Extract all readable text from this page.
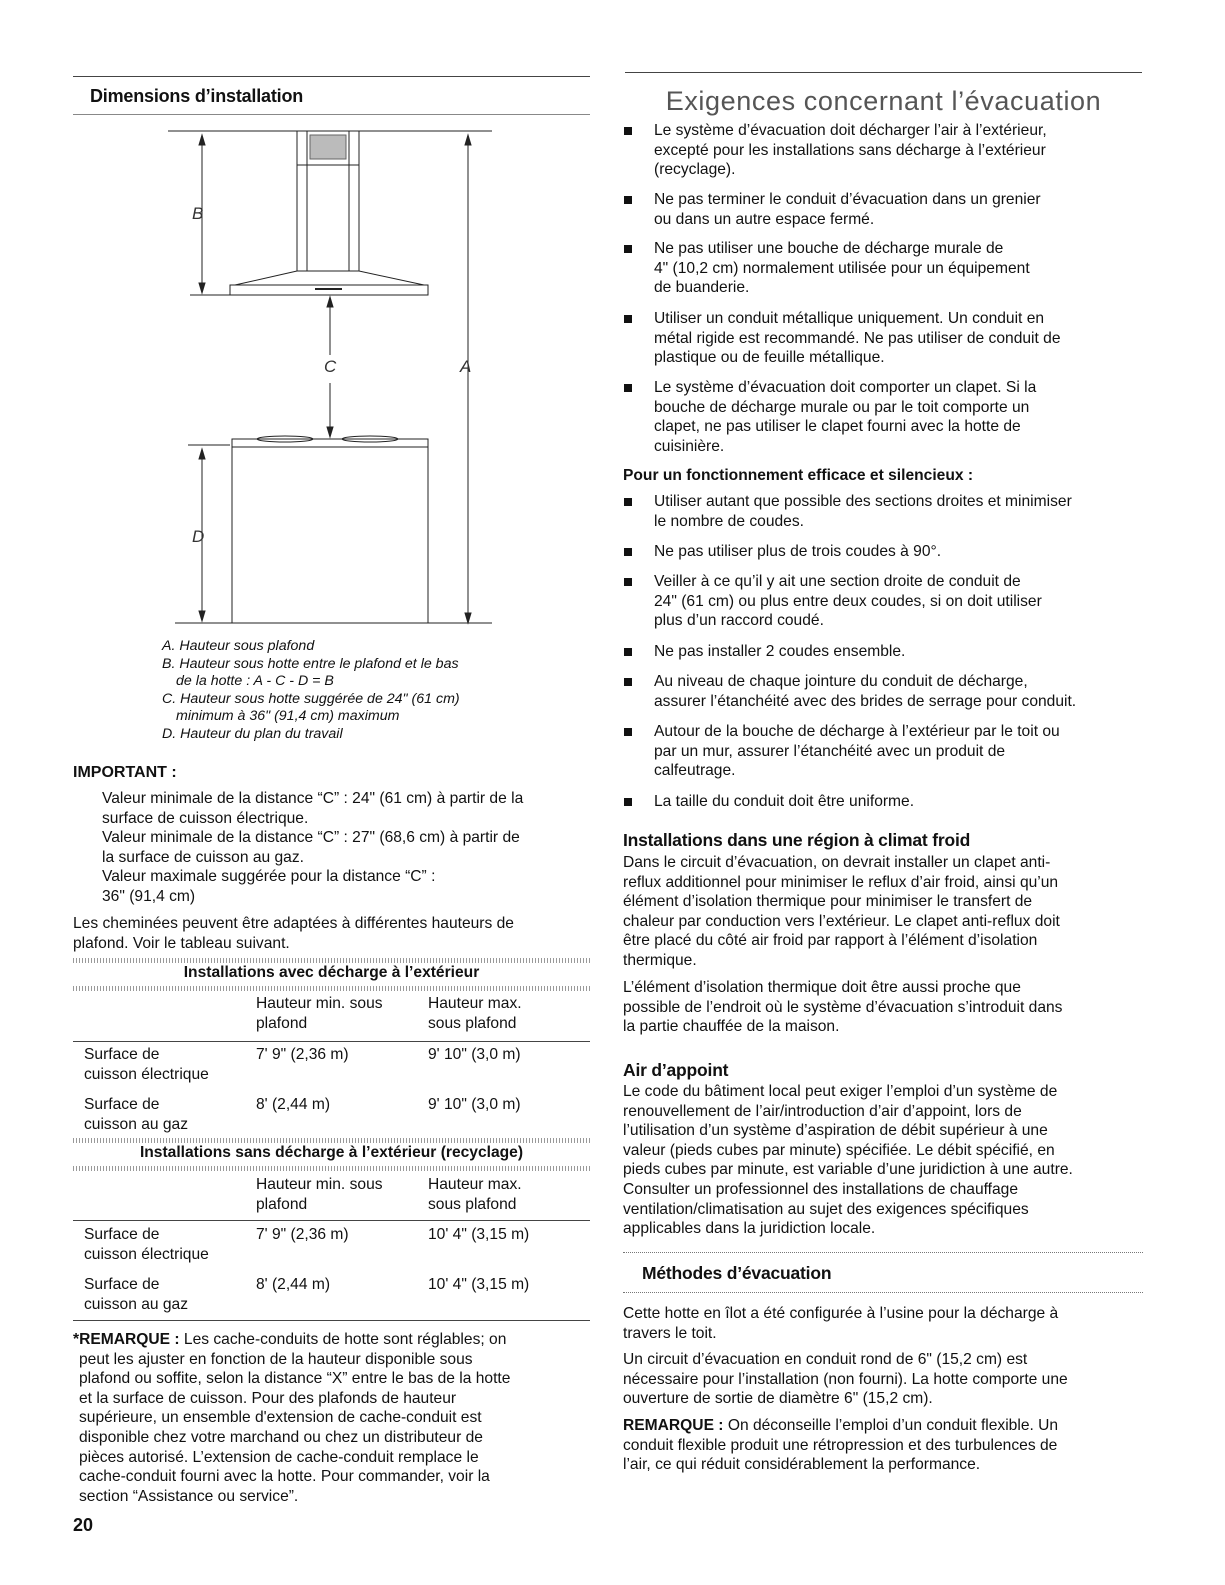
Dimensions d’installation
B
C	A
D
A. Hauteur sous plafond
B. Hauteur sous hotte entre le plafond et le bas
de la hotte : A - C - D = B
C. Hauteur sous hotte suggérée de 24" (61 cm)
minimum à 36" (91,4 cm) maximum
D. Hauteur du plan du travail
IMPORTANT :

Valeur minimale de la distance “C” : 24" (61 cm) à partir de la

surface de cuisson électrique.

Valeur minimale de la distance “C” : 27" (68,6 cm) à partir de

la surface de cuisson au gaz.

Valeur maximale suggérée pour la distance “C” :

36" (91,4 cm)

Les cheminées peuvent être adaptées à différentes hauteurs de

plafond. Voir le tableau suivant.

Installations avec décharge à l’extérieur
Hauteur min. sous
plafond
Hauteur max.
sous plafond
Surface de
cuisson électrique
7' 9" (2,36 m)	9' 10" (3,0 m)
Surface de
cuisson au gaz
8' (2,44 m)	9' 10" (3,0 m)
Installations sans décharge à l’extérieur (recyclage)
Hauteur min. sous
plafond
Hauteur max.
sous plafond
Surface de
cuisson électrique
7' 9" (2,36 m)	10' 4" (3,15 m)
Surface de
cuisson au gaz
8' (2,44 m)	10' 4" (3,15 m)

*REMARQUE : Les cache-conduits de hotte sont réglables; on

peut les ajuster en fonction de la hauteur disponible sous

plafond ou soffite, selon la distance “X” entre le bas de la hotte

et la surface de cuisson. Pour des plafonds de hauteur

supérieure, un ensemble d'extension de cache-conduit est

disponible chez votre marchand ou chez un distributeur de

pièces autorisé. L’extension de cache-conduit remplace le

cache-conduit fourni avec la hotte. Pour commander, voir la

section “Assistance ou service”.

20
Exigences concernant l’évacuation
Le système d’évacuation doit décharger l’air à l’extérieur,
excepté pour les installations sans décharge à l’extérieur
(recyclage).
Ne pas terminer le conduit d’évacuation dans un grenier
ou dans un autre espace fermé.
Ne pas utiliser une bouche de décharge murale de
4" (10,2 cm) normalement utilisée pour un équipement
de buanderie.
Utiliser un conduit métallique uniquement. Un conduit en
métal rigide est recommandé. Ne pas utiliser de conduit de
plastique ou de feuille métallique.
Le système d’évacuation doit comporter un clapet. Si la
bouche de décharge murale ou par le toit comporte un
clapet, ne pas utiliser le clapet fourni avec la hotte de
cuisinière.
Pour un fonctionnement efficace et silencieux :
Utiliser autant que possible des sections droites et minimiser
le nombre de coudes.
Ne pas utiliser plus de trois coudes à 90°.
Veiller à ce qu’il y ait une section droite de conduit de
24" (61 cm) ou plus entre deux coudes, si on doit utiliser
plus d’un raccord coudé.
Ne pas installer 2 coudes ensemble.
Au niveau de chaque jointure du conduit de décharge,
assurer l’étanchéité avec des brides de serrage pour conduit.
Autour de la bouche de décharge à l’extérieur par le toit ou
par un mur, assurer l’étanchéité avec un produit de
calfeutrage.
La taille du conduit doit être uniforme.
Installations dans une région à climat froid

Dans le circuit d’évacuation, on devrait installer un clapet anti-

reflux additionnel pour minimiser le reflux d’air froid, ainsi qu’un

élément d’isolation thermique pour minimiser le transfert de

chaleur par conduction vers l’extérieur. Le clapet anti-reflux doit

être placé du côté air froid par rapport à l’élément d’isolation

thermique.

L’élément d’isolation thermique doit être aussi proche que

possible de l’endroit où le système d’évacuation s’introduit dans

la partie chauffée de la maison.

Air d’appoint

Le code du bâtiment local peut exiger l’emploi d’un système de

renouvellement de l’air/introduction d’air d’appoint, lors de

l’utilisation d’un système d’aspiration de débit supérieur à une

valeur (pieds cubes par minute) spécifiée. Le débit spécifié, en

pieds cubes par minute, est variable d’une juridiction à une autre.

Consulter un professionnel des installations de chauffage

ventilation/climatisation au sujet des exigences spécifiques

applicables dans la juridiction locale.

Méthodes d’évacuation

Cette hotte en îlot a été configurée à l’usine pour la décharge à

travers le toit.

Un circuit d’évacuation en conduit rond de 6" (15,2 cm) est

nécessaire pour l’installation (non fourni). La hotte comporte une

ouverture de sortie de diamètre 6" (15,2 cm).

REMARQUE : On déconseille l’emploi d’un conduit flexible. Un

conduit flexible produit une rétropression et des turbulences de

l’air, ce qui réduit considérablement la performance.
